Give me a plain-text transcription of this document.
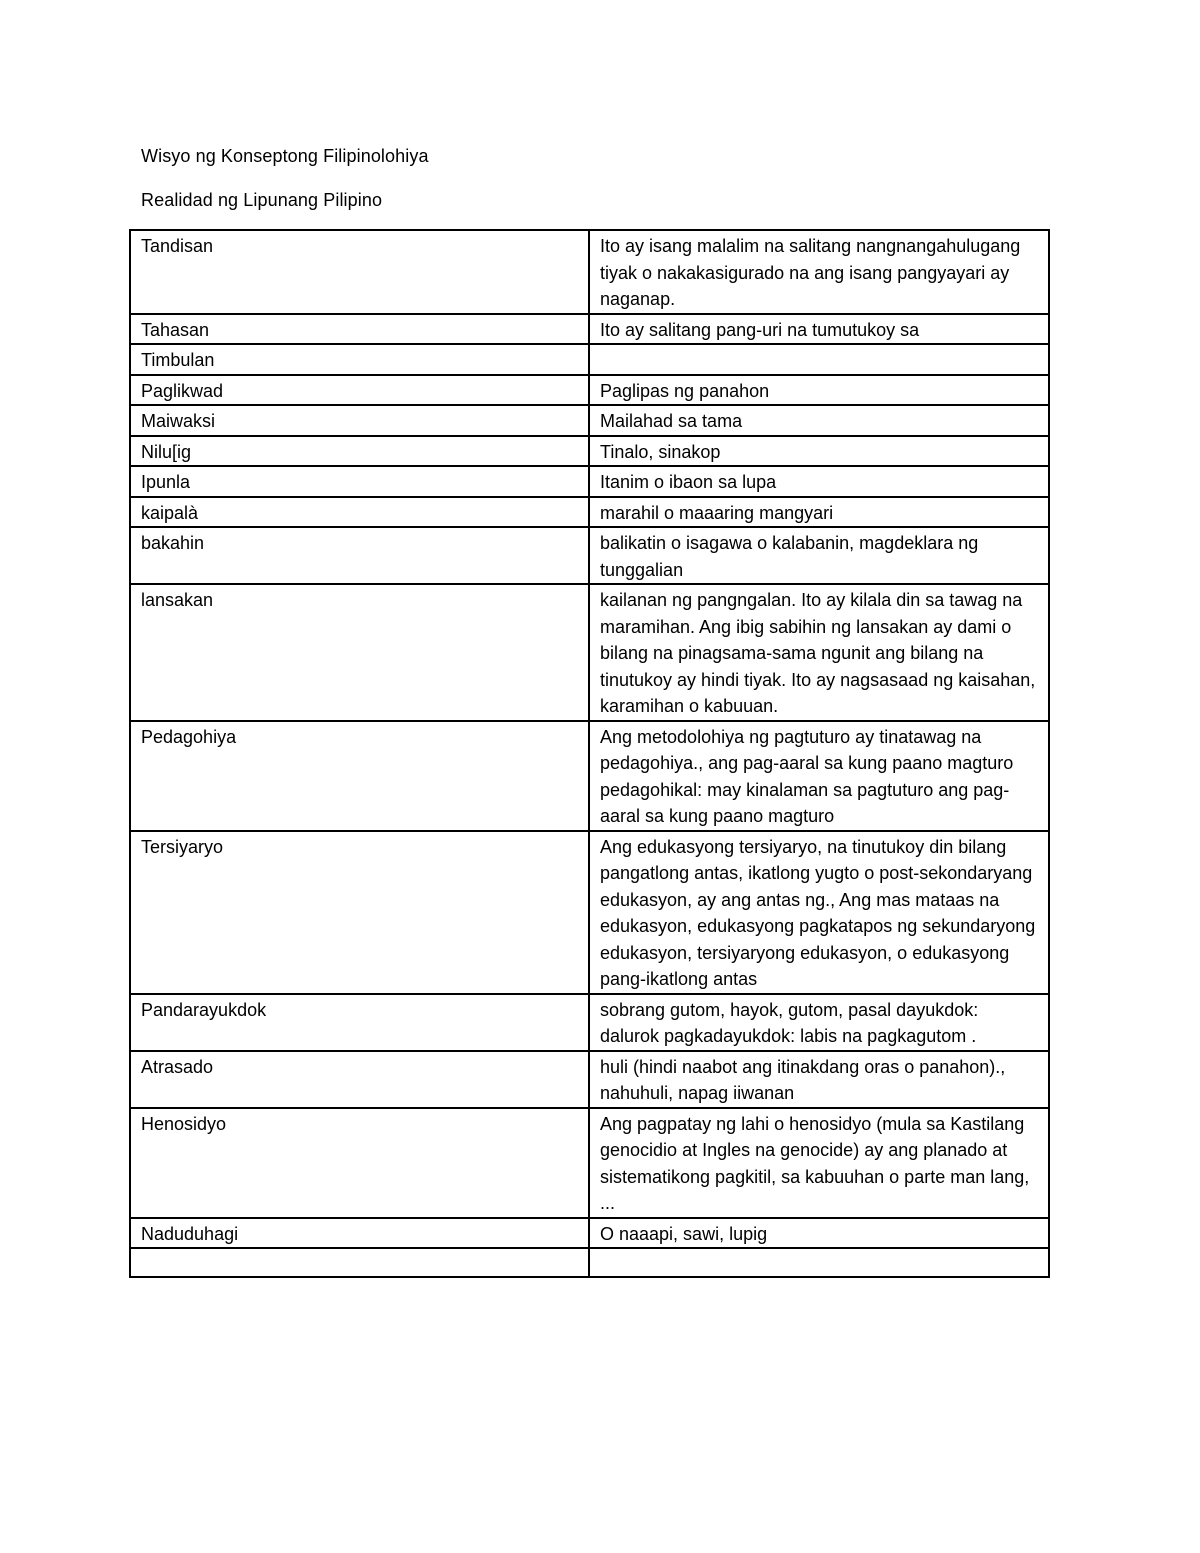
Wisyo ng Konseptong Filipinolohiya
Realidad ng Lipunang Pilipino
Tandisan	Ito ay isang malalim na salitang nangnangahulugang tiyak o nakakasigurado na ang isang pangyayari ay naganap.
Tahasan	Ito ay salitang pang-uri na tumutukoy sa
Timbulan	
Paglikwad	Paglipas ng panahon
Maiwaksi	Mailahad sa tama
Nilu[ig	Tinalo, sinakop
Ipunla	Itanim o ibaon sa lupa
kaipalà	marahil o maaaring mangyari
bakahin	balikatin o isagawa o kalabanin, magdeklara ng tunggalian
lansakan	kailanan ng pangngalan. Ito ay kilala din sa tawag na maramihan. Ang ibig sabihin ng lansakan ay dami o bilang na pinagsama-sama ngunit ang bilang na tinutukoy ay hindi tiyak. Ito ay nagsasaad ng kaisahan, karamihan o kabuuan.
Pedagohiya	Ang metodolohiya ng pagtuturo ay tinatawag na pedagohiya., ang pag-aaral sa kung paano magturo pedagohikal: may kinalaman sa pagtuturo ang pag-aaral sa kung paano magturo
Tersiyaryo	Ang edukasyong tersiyaryo, na tinutukoy din bilang pangatlong antas, ikatlong yugto o post-sekondaryang edukasyon, ay ang antas ng., Ang mas mataas na edukasyon, edukasyong pagkatapos ng sekundaryong edukasyon, tersiyaryong edukasyon, o edukasyong pang-ikatlong antas
Pandarayukdok	sobrang gutom, hayok, gutom, pasal dayukdok: dalurok pagkadayukdok: labis na pagkagutom .
Atrasado	huli (hindi naabot ang itinakdang oras o panahon)., nahuhuli, napag iiwanan
Henosidyo	Ang pagpatay ng lahi o henosidyo (mula sa Kastilang genocidio at Ingles na genocide) ay ang planado at sistematikong pagkitil, sa kabuuhan o parte man lang, ...
Naduduhagi	O naaapi, sawi, lupig
